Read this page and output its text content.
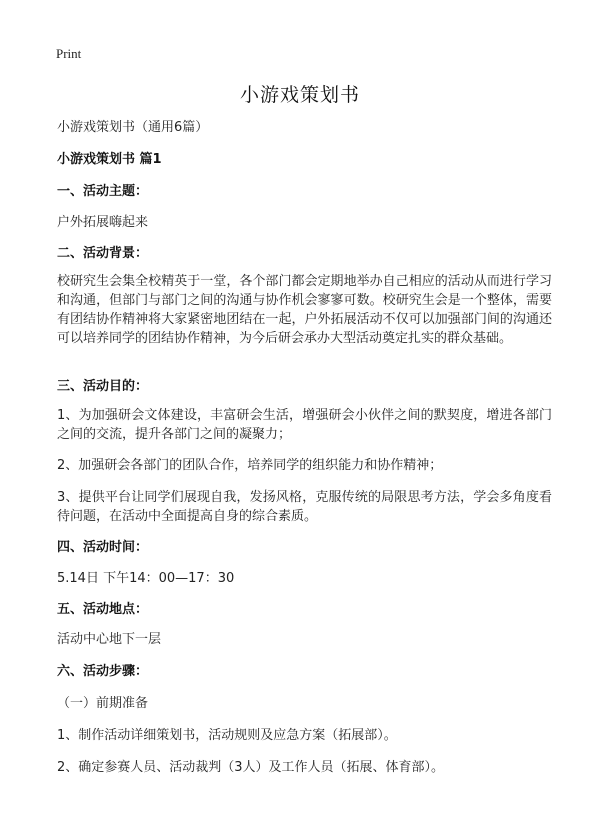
Print
小游戏策划书
小游戏策划书（通用6篇）
小游戏策划书 篇1
一、活动主题：
户外拓展嗨起来
二、活动背景：
校研究生会集全校精英于一堂，各个部门都会定期地举办自己相应的活动从而进行学习和沟通，但部门与部门之间的沟通与协作机会寥寥可数。校研究生会是一个整体，需要有团结协作精神将大家紧密地团结在一起，户外拓展活动不仅可以加强部门间的沟通还可以培养同学的团结协作精神，为今后研会承办大型活动奠定扎实的群众基础。
三、活动目的：
1、为加强研会文体建设，丰富研会生活，增强研会小伙伴之间的默契度，增进各部门之间的交流，提升各部门之间的凝聚力；
2、加强研会各部门的团队合作，培养同学的组织能力和协作精神；
3、提供平台让同学们展现自我，发扬风格，克服传统的局限思考方法，学会多角度看待问题，在活动中全面提高自身的综合素质。
四、活动时间：
5.14日 下午14：00—17：30
五、活动地点：
活动中心地下一层
六、活动步骤：
（一）前期准备
1、制作活动详细策划书，活动规则及应急方案（拓展部）。
2、确定参赛人员、活动裁判（3人）及工作人员（拓展、体育部）。
